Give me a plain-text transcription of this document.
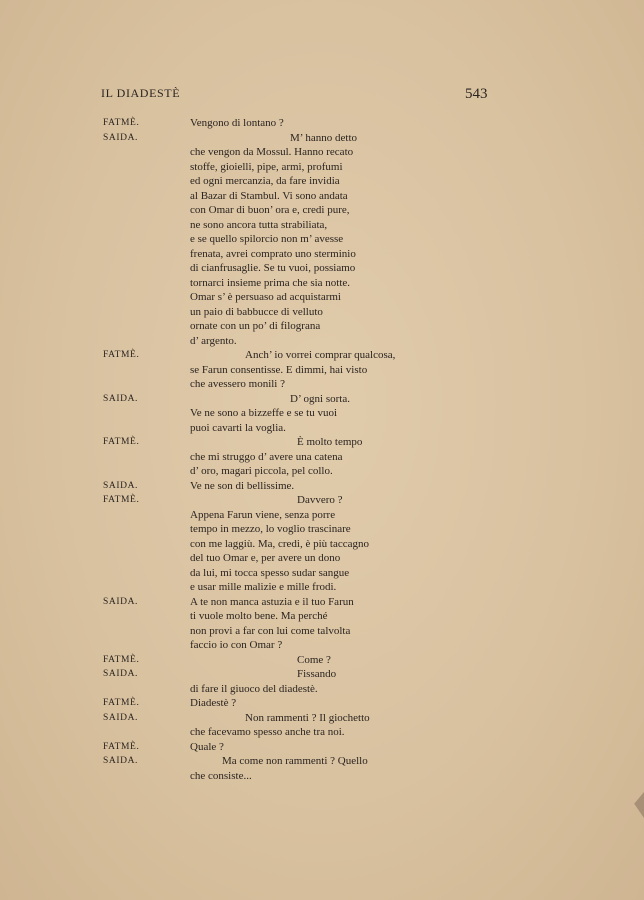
IL DIADESTÈ	543
FATMÈ.	Vengono di lontano ?
SAIDA.	M’ hanno detto
che vengon da Mossul. Hanno recato
stoffe, gioielli, pipe, armi, profumi
ed ogni mercanzia, da fare invidia
al Bazar di Stambul. Vi sono andata
con Omar di buon’ ora e, credi pure,
ne sono ancora tutta strabiliata,
e se quello spilorcio non m’ avesse
frenata, avrei comprato uno sterminio
di cianfrusaglie. Se tu vuoi, possiamo
tornarci insieme prima che sia notte.
Omar s’ è persuaso ad acquistarmi
un paio di babbucce di velluto
ornate con un po’ di filograna
d’ argento.
FATMÈ.	Anch’ io vorrei comprar qualcosa,
se Farun consentisse. E dimmi, hai visto
che avessero monili ?
SAIDA.	D’ ogni sorta.
Ve ne sono a bizzeffe e se tu vuoi
puoi cavarti la voglia.
FATMÈ.	È molto tempo
che mi struggo d’ avere una catena
d’ oro, magari piccola, pel collo.
SAIDA.	Ve ne son di bellissime.
FATMÈ.	Davvero ?
Appena Farun viene, senza porre
tempo in mezzo, lo voglio trascinare
con me laggiù. Ma, credi, è più taccagno
del tuo Omar e, per avere un dono
da lui, mi tocca spesso sudar sangue
e usar mille malizie e mille frodi.
SAIDA.	A te non manca astuzia e il tuo Farun
ti vuole molto bene. Ma perché
non provi a far con lui come talvolta
faccio io con Omar ?
FATMÈ.	Come ?
SAIDA.	Fissando
di fare il giuoco del diadestè.
FATMÈ.	Diadestè ?
SAIDA.	Non rammenti ? Il giochetto
che facevamo spesso anche tra noi.
FATMÈ.	Quale ?
SAIDA.	Ma come non rammenti ? Quello
che consiste...
